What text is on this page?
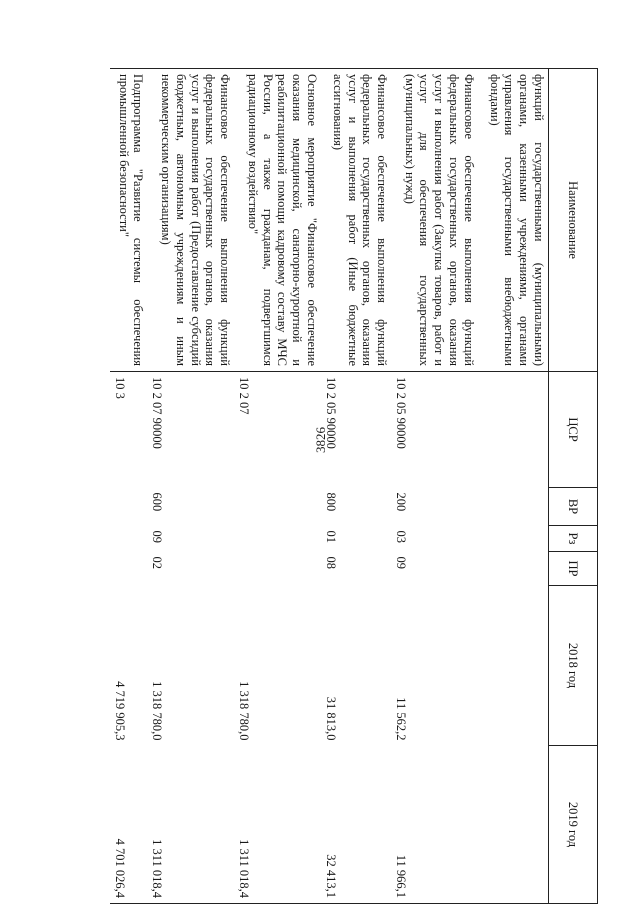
3826
Наименование	ЦСР	ВР	Рз	ПР	2018 год	2019 год
функций государственными (муниципальными) органами, казенными учреждениями, органами управления государственными внебюджетными фондами)						
Финансовое обеспечение выполнения функций федеральных государственных органов, оказания услуг и выполнения работ (Закупка товаров, работ и услуг для обеспечения государственных (муниципальных) нужд)	10 2 05 90000	200	03	09	11 562,2	11 966,1
Финансовое обеспечение выполнения функций федеральных государственных органов, оказания услуг и выполнения работ (Иные бюджетные ассигнования)	10 2 05 90000	800	01	08	31 813,0	32 413,1
Основное мероприятие "Финансовое обеспечение оказания медицинской, санаторно-курортной и реабилитационной помощи кадровому составу МЧС России, а также гражданам, подвергшимся радиационному воздействию"	10 2 07				1 318 780,0	1 311 018,4
Финансовое обеспечение выполнения функций федеральных государственных органов, оказания услуг и выполнения работ (Предоставление субсидий бюджетным, автономным учреждениям и иным некоммерческим организациям)	10 2 07 90000	600	09	02	1 318 780,0	1 311 018,4
Подпрограмма "Развитие системы обеспечения промышленной безопасности"	10 3				4 719 905,3	4 701 026,4
